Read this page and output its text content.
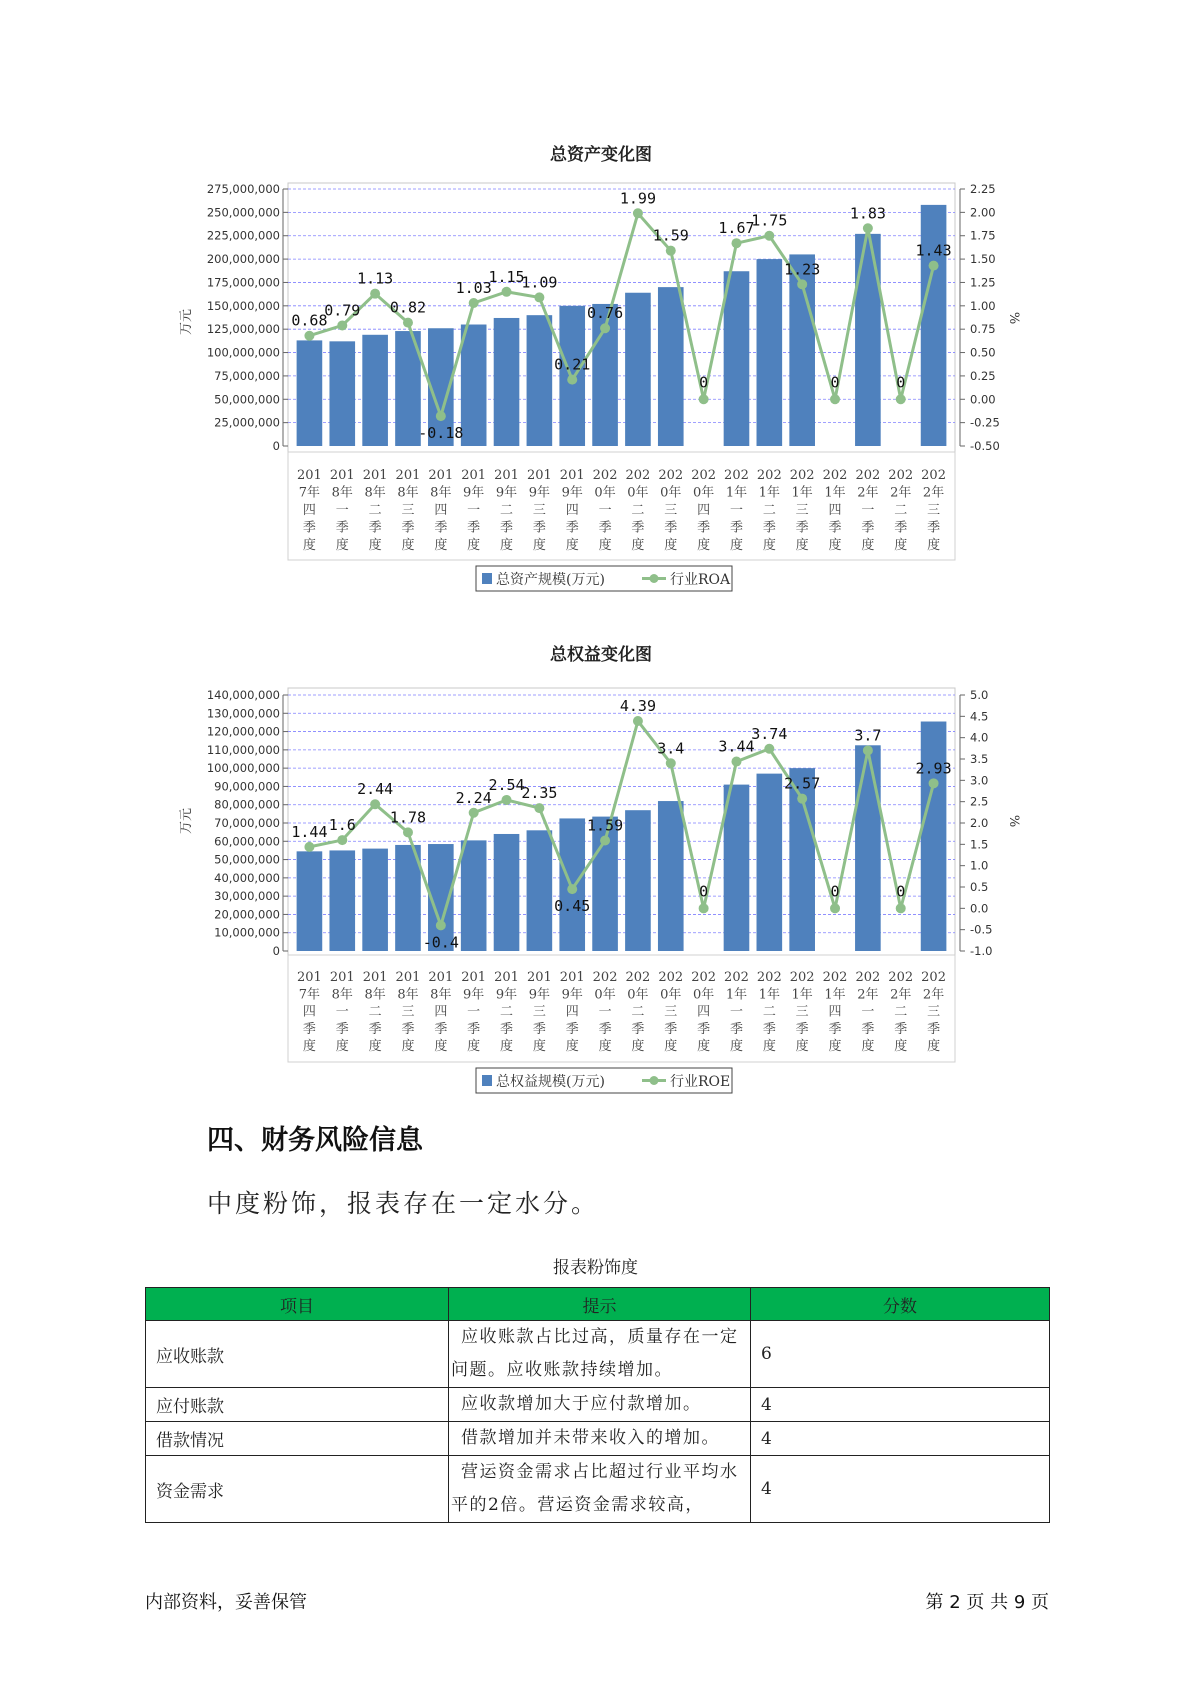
总资产变化图
0
25,000,000
50,000,000
75,000,000
100,000,000
125,000,000
150,000,000
175,000,000
200,000,000
225,000,000
250,000,000
275,000,000
-0.50
-0.25
0.00
0.25
0.50
0.75
1.00
1.25
1.50
1.75
2.00
2.25
万元	%
0.68
0.79
1.13
0.82
-0.18
1.03
1.15
1.09
0.21
0.76
1.99
1.59
0
1.67
1.75
1.23
0
1.83
0
1.43
201
7年
四
季
度
201
8年
一
季
度
201
8年
二
季
度
201
8年
三
季
度
201
8年
四
季
度
201
9年
一
季
度
201
9年
二
季
度
201
9年
三
季
度
201
9年
四
季
度
202
0年
一
季
度
202
0年
二
季
度
202
0年
三
季
度
202
0年
四
季
度
202
1年
一
季
度
202
1年
二
季
度
202
1年
三
季
度
202
1年
四
季
度
202
2年
一
季
度
202
2年
二
季
度
202
2年
三
季
度
总资产规模(万元)	行业ROA
总权益变化图
0
10,000,000
20,000,000
30,000,000
40,000,000
50,000,000
60,000,000
70,000,000
80,000,000
90,000,000
100,000,000
110,000,000
120,000,000
130,000,000
140,000,000
-1.0
-0.5
0.0
0.5
1.0
1.5
2.0
2.5
3.0
3.5
4.0
4.5
5.0
万元	%
1.44 1.6
2.44
1.78
-0.4
2.24
2.54
2.35
0.45
1.59
4.39
3.4
0
3.44
3.74
2.57
0
3.7
0
2.93
201
7年
四
季
度
201
8年
一
季
度
201
8年
二
季
度
201
8年
三
季
度
201
8年
四
季
度
201
9年
一
季
度
201
9年
二
季
度
201
9年
三
季
度
201
9年
四
季
度
202
0年
一
季
度
202
0年
二
季
度
202
0年
三
季
度
202
0年
四
季
度
202
1年
一
季
度
202
1年
二
季
度
202
1年
三
季
度
202
1年
四
季
度
202
2年
一
季
度
202
2年
二
季
度
202
2年
三
季
度
总权益规模(万元)	行业ROE
四、财务风险信息

中度粉饰，报表存在一定水分。

报表粉饰度
项目	提示	分数
应收账款	应收账款占比过高，质量存在一定问题。应收账款持续增加。	6
应付账款	应收款增加大于应付款增加。	4
借款情况	借款增加并未带来收入的增加。	4
资金需求	营运资金需求占比超过行业平均水平的2倍。营运资金需求较高，	4
内部资料，妥善保管	第 2 页 共 9 页
